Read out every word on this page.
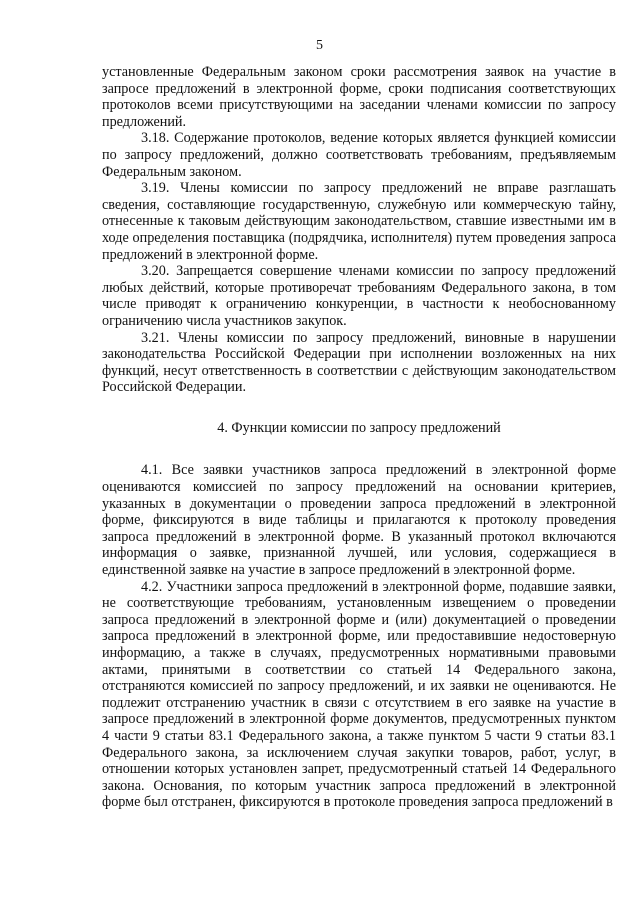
5

установленные Федеральным законом сроки рассмотрения заявок на участие в запросе предложений в электронной форме, сроки подписания соответствующих протоколов всеми присутствующими на заседании членами комиссии по запросу предложений.

3.18. Содержание протоколов, ведение которых является функцией комиссии по запросу предложений, должно соответствовать требованиям, предъявляемым Федеральным законом.

3.19. Члены комиссии по запросу предложений не вправе разглашать сведения, составляющие государственную, служебную или коммерческую тайну, отнесенные к таковым действующим законодательством, ставшие известными им в ходе определения поставщика (подрядчика, исполнителя) путем проведения запроса предложений в электронной форме.

3.20. Запрещается совершение членами комиссии по запросу предложений любых действий, которые противоречат требованиям Федерального закона, в том числе приводят к ограничению конкуренции, в частности к необоснованному ограничению числа участников закупок.

3.21. Члены комиссии по запросу предложений, виновные в нарушении законодательства Российской Федерации при исполнении возложенных на них функций, несут ответственность в соответствии с действующим законодательством Российской Федерации.

4. Функции комиссии по запросу предложений

4.1. Все заявки участников запроса предложений в электронной форме оцениваются комиссией по запросу предложений на основании критериев, указанных в документации о проведении запроса предложений в электронной форме, фиксируются в виде таблицы и прилагаются к протоколу проведения запроса предложений в электронной форме. В указанный протокол включаются информация о заявке, признанной лучшей, или условия, содержащиеся в единственной заявке на участие в запросе предложений в электронной форме.

4.2. Участники запроса предложений в электронной форме, подавшие заявки, не соответствующие требованиям, установленным извещением о проведении запроса предложений в электронной форме и (или) документацией о проведении запроса предложений в электронной форме, или предоставившие недостоверную информацию, а также в случаях, предусмотренных нормативными правовыми актами, принятыми в соответствии со статьей 14 Федерального закона, отстраняются комиссией по запросу предложений, и их заявки не оцениваются. Не подлежит отстранению участник в связи с отсутствием в его заявке на участие в запросе предложений в электронной форме документов, предусмотренных пунктом 4 части 9 статьи 83.1 Федерального закона, а также пунктом 5 части 9 статьи 83.1 Федерального закона, за исключением случая закупки товаров, работ, услуг, в отношении которых установлен запрет, предусмотренный статьей 14 Федерального закона. Основания, по которым участник запроса предложений в электронной форме был отстранен, фиксируются в протоколе проведения запроса предложений в
